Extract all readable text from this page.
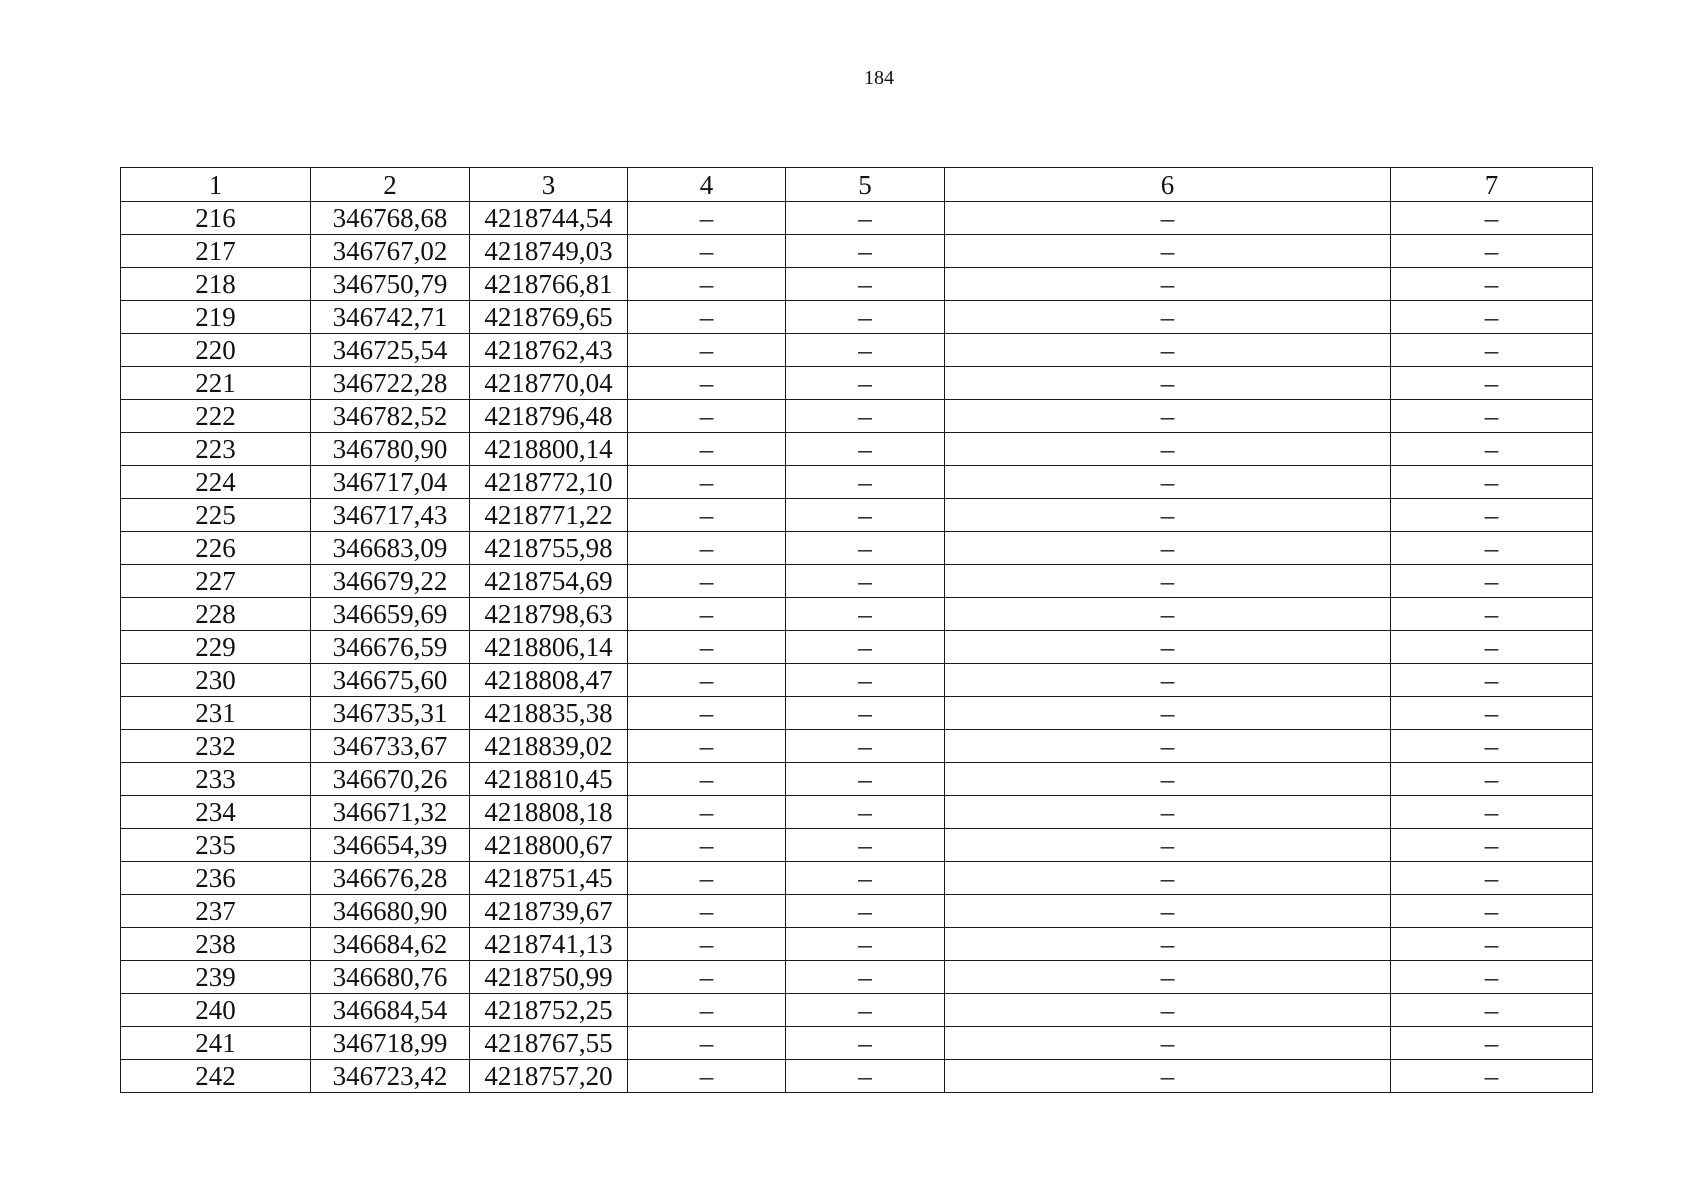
184
1	2	3	4	5	6	7
216	346768,68	4218744,54	–	–	–	–
217	346767,02	4218749,03	–	–	–	–
218	346750,79	4218766,81	–	–	–	–
219	346742,71	4218769,65	–	–	–	–
220	346725,54	4218762,43	–	–	–	–
221	346722,28	4218770,04	–	–	–	–
222	346782,52	4218796,48	–	–	–	–
223	346780,90	4218800,14	–	–	–	–
224	346717,04	4218772,10	–	–	–	–
225	346717,43	4218771,22	–	–	–	–
226	346683,09	4218755,98	–	–	–	–
227	346679,22	4218754,69	–	–	–	–
228	346659,69	4218798,63	–	–	–	–
229	346676,59	4218806,14	–	–	–	–
230	346675,60	4218808,47	–	–	–	–
231	346735,31	4218835,38	–	–	–	–
232	346733,67	4218839,02	–	–	–	–
233	346670,26	4218810,45	–	–	–	–
234	346671,32	4218808,18	–	–	–	–
235	346654,39	4218800,67	–	–	–	–
236	346676,28	4218751,45	–	–	–	–
237	346680,90	4218739,67	–	–	–	–
238	346684,62	4218741,13	–	–	–	–
239	346680,76	4218750,99	–	–	–	–
240	346684,54	4218752,25	–	–	–	–
241	346718,99	4218767,55	–	–	–	–
242	346723,42	4218757,20	–	–	–	–
